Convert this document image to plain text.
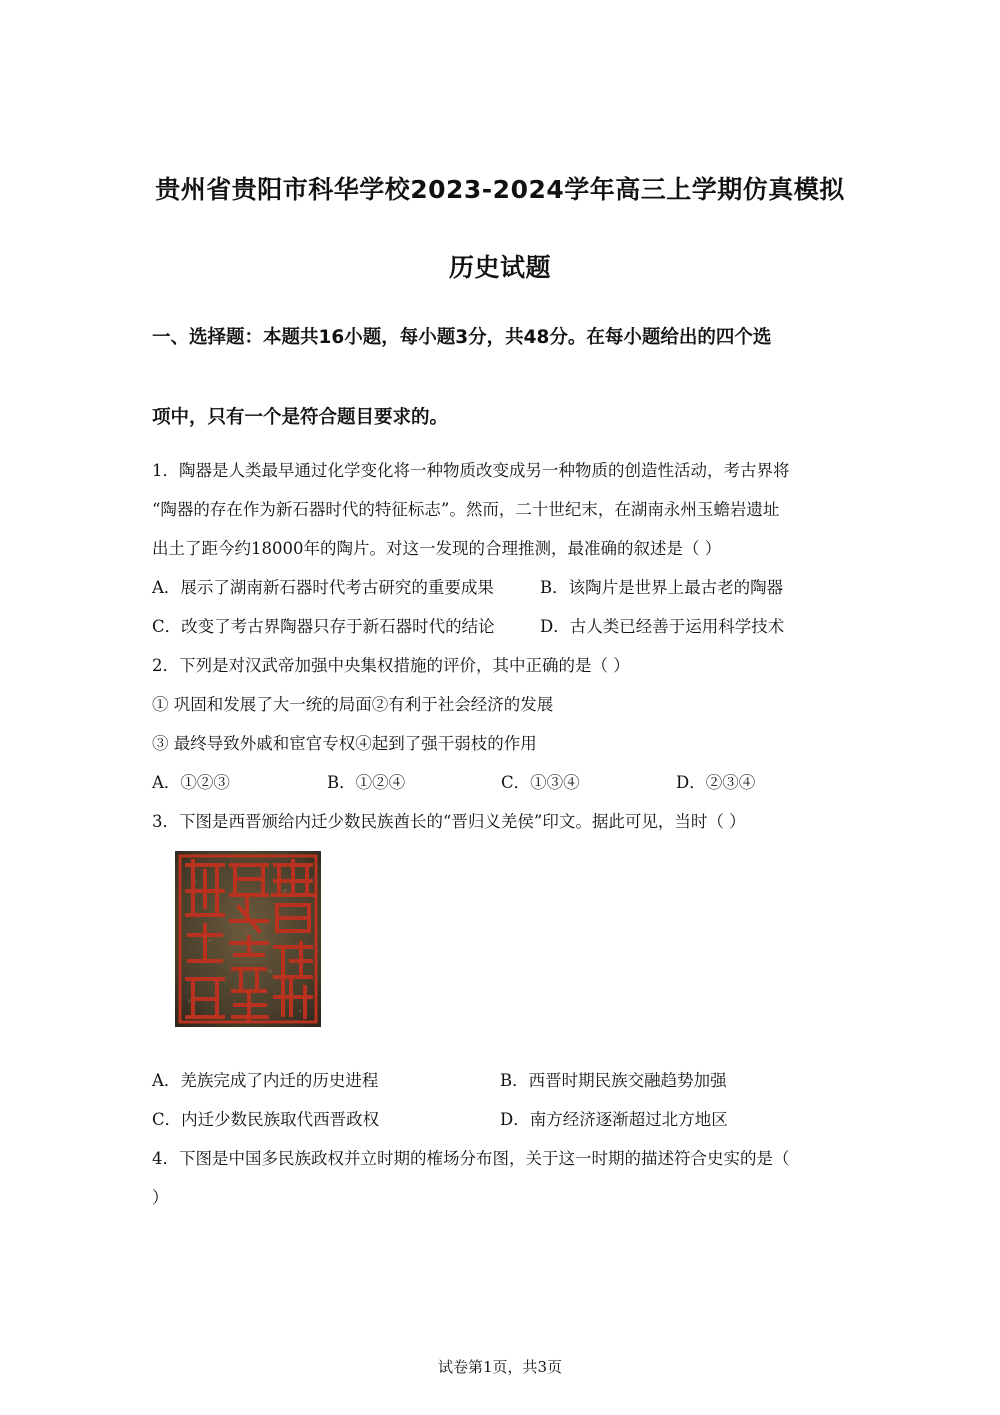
贵州省贵阳市科华学校2023-2024学年高三上学期仿真模拟
历史试题
一、选择题：本题共16小题，每小题3分，共48分。在每小题给出的四个选
项中，只有一个是符合题目要求的。
1．陶器是人类最早通过化学变化将一种物质改变成另一种物质的创造性活动，考古界将
“陶器的存在作为新石器时代的特征标志”。然而，二十世纪末，在湖南永州玉蟾岩遗址
出土了距今约18000年的陶片。对这一发现的合理推测，最准确的叙述是（ ）
A．展示了湖南新石器时代考古研究的重要成果	B．该陶片是世界上最古老的陶器
C．改变了考古界陶器只存于新石器时代的结论	D．古人类已经善于运用科学技术
2．下列是对汉武帝加强中央集权措施的评价，其中正确的是（ ）
① 巩固和发展了大一统的局面②有利于社会经济的发展
③ 最终导致外戚和宦官专权④起到了强干弱枝的作用
A．①②③	B．①②④	C．①③④	D．②③④
3．下图是西晋颁给内迁少数民族酋长的“晋归义羌侯”印文。据此可见，当时（ ）
A．羌族完成了内迁的历史进程	B．西晋时期民族交融趋势加强
C．内迁少数民族取代西晋政权	D．南方经济逐渐超过北方地区
4．下图是中国多民族政权并立时期的榷场分布图，关于这一时期的描述符合史实的是（
）
试卷第1页，共3页
